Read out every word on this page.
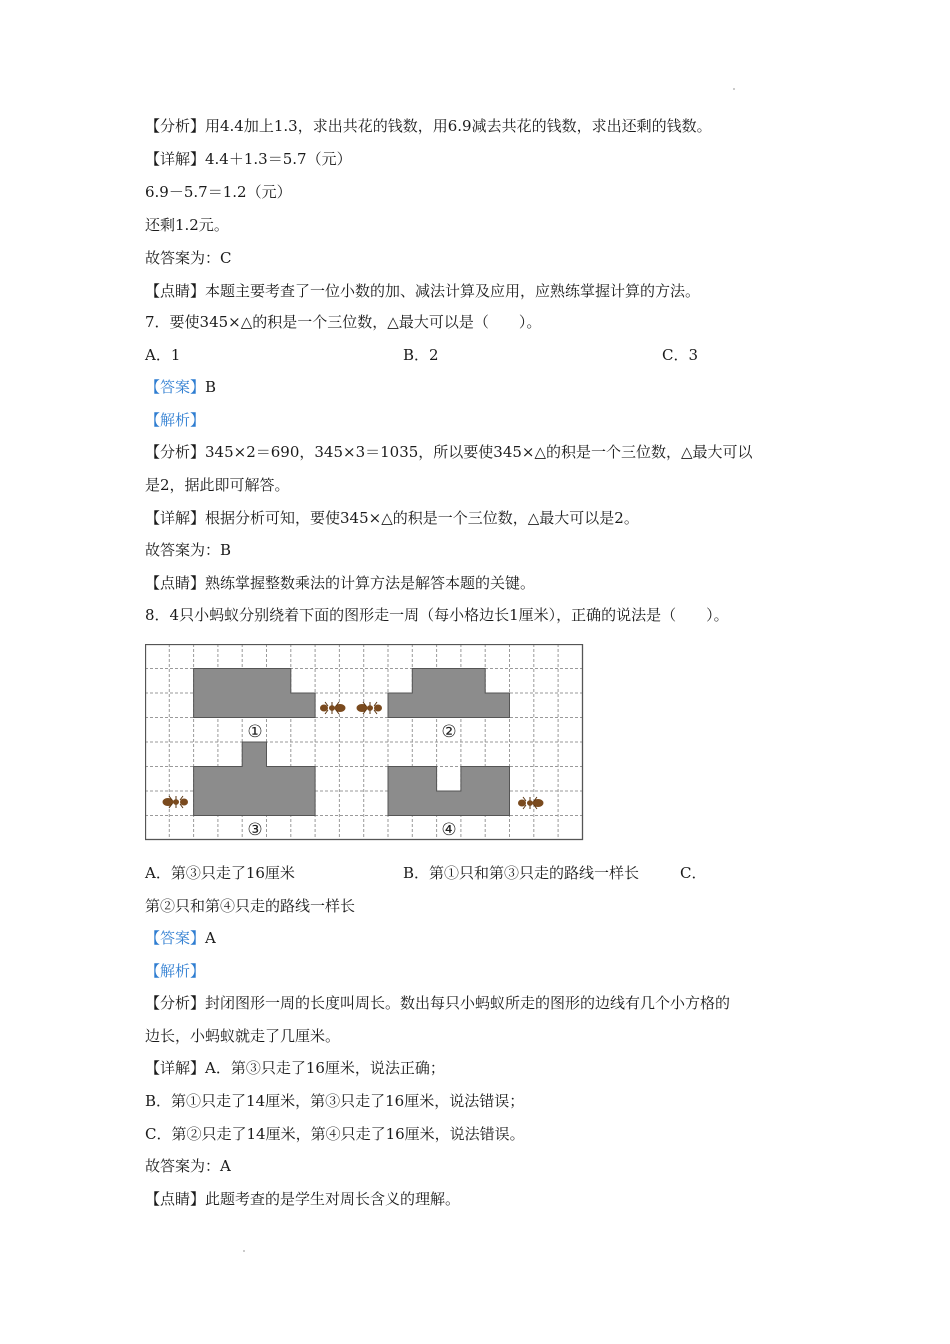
【分析】用4.4加上1.3，求出共花的钱数，用6.9减去共花的钱数，求出还剩的钱数。
【详解】4.4＋1.3＝5.7（元）
6.9－5.7＝1.2（元）
还剩1.2元。
故答案为：C
【点睛】本题主要考查了一位小数的加、减法计算及应用，应熟练掌握计算的方法。
7．要使345×△的积是一个三位数，△最大可以是（　　）。
A．1	B．2	C．3
【答案】B
【解析】
【分析】345×2＝690，345×3＝1035，所以要使345×△的积是一个三位数，△最大可以
是2，据此即可解答。
【详解】根据分析可知，要使345×△的积是一个三位数，△最大可以是2。
故答案为：B
【点睛】熟练掌握整数乘法的计算方法是解答本题的关键。
8．4只小蚂蚁分别绕着下面的图形走一周（每小格边长1厘米），正确的说法是（　　）。
①	②
③	④
A．第③只走了16厘米	B．第①只和第③只走的路线一样长	C．
第②只和第④只走的路线一样长
【答案】A
【解析】
【分析】封闭图形一周的长度叫周长。数出每只小蚂蚁所走的图形的边线有几个小方格的
边长，小蚂蚁就走了几厘米。
【详解】A．第③只走了16厘米，说法正确；
B．第①只走了14厘米，第③只走了16厘米，说法错误；
C．第②只走了14厘米，第④只走了16厘米，说法错误。
故答案为：A
【点睛】此题考查的是学生对周长含义的理解。
